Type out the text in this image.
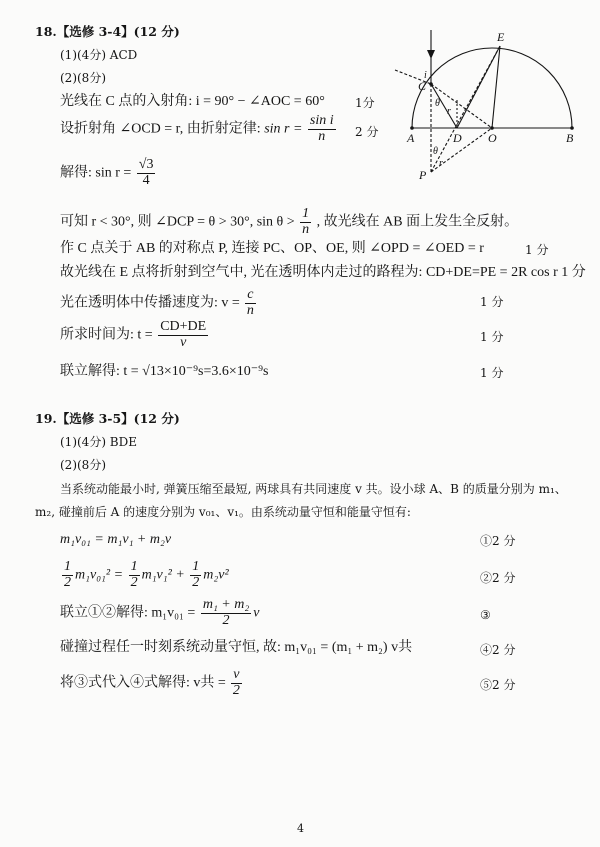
18.【选修 3-4】(12 分)
(1)(4分) ACD
(2)(8分)
光线在 C 点的入射角: i = 90° − ∠AOC = 60°	1分
设折射角 ∠OCD = r, 由折射定律: $\sin r = \frac{\text{sin i}}{n} 2$ 分
解得: $\sin r = \frac{√3}{4}$
可知 r < 30°, 则 ∠DCP = θ > 30°, $\sin \theta > \frac{1}{n}$ , 故光线在 AB 面上发生全反射。
作 C 点关于 AB 的对称点 P, 连接 PC、OP、OE, 则 ∠OPD = ∠OED = r	1 分
故光线在 E 点将折射到空气中, 光在透明体内走过的路程为: CD+DE=PE = 2R cos r 1 分
光在透明体中传播速度为: $v = \frac{c}{n}$	1 分
所求时间为: $t = \frac{CD+DE}{v}$	1 分
联立解得: t = √13×10⁻⁹s=3.6×10⁻⁹s	1 分
E
C
θ
D O	B
A
r
P
i
θ
r
19.【选修 3-5】(12 分)
(1)(4分) BDE
(2)(8分)
当系统动能最小时, 弹簧压缩至最短, 两球具有共同速度 v 共。设小球 A、B 的质量分别为 m₁、
m₂, 碰撞前后 A 的速度分别为 v₀₁、v₁。由系统动量守恒和能量守恒有:
m₁v₀₁ = m₁v₁ + m₂v	①2 分
$\frac{1}{2} m_1v_{01}^2 = \frac{1}{2} m_1v_1^2 + \frac{1}{2} m_2v^2$	②2 分
联立①②解得: $m_1v_{01} = \frac{\text{m₁ + m₂}}{2}$ v	③
碰撞过程任一时刻系统动量守恒, 故: m₁v₀₁ = (m₁ + m₂) v共	④2 分
将③式代入④式解得: v共 = $\frac{v}{2}$	⑤2 分
4
